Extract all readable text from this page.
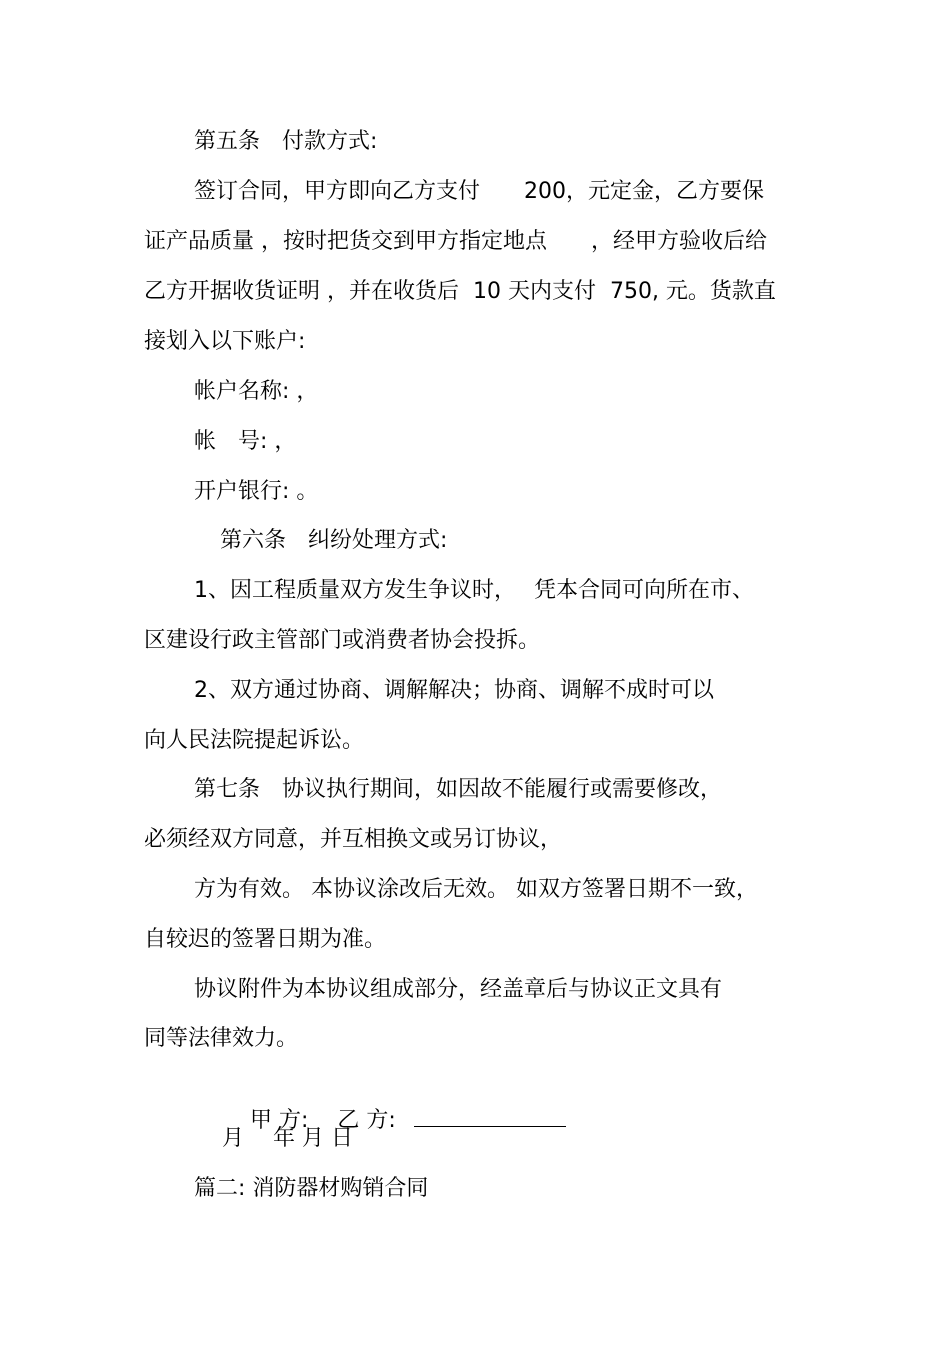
第五条　付款方式:
签订合同，甲方即向乙方支付　　200，元定金，乙方要保
证产品质量 ，按时把货交到甲方指定地点　　，经甲方验收后给
乙方开据收货证明 ，并在收货后  10 天内支付  750, 元。货款直
接划入以下账户:
帐户名称: ，
帐　号: ，
开户银行: 。
第六条　纠纷处理方式:
1、因工程质量双方发生争议时，　 凭本合同可向所在市、
区建设行政主管部门或消费者协会投拆。
2、双方通过协商、调解解决；协商、调解不成时可以
向人民法院提起诉讼。
第七条　协议执行期间，如因故不能履行或需要修改，
必须经双方同意，并互相换文或另订协议，
方为有效。 本协议涂改后无效。 如双方签署日期不一致，
自较迟的签署日期为准。
协议附件为本协议组成部分，经盖章后与协议正文具有
同等法律效力。

甲 方:　 乙 方:

月　 年 月 日
篇二: 消防器材购销合同
